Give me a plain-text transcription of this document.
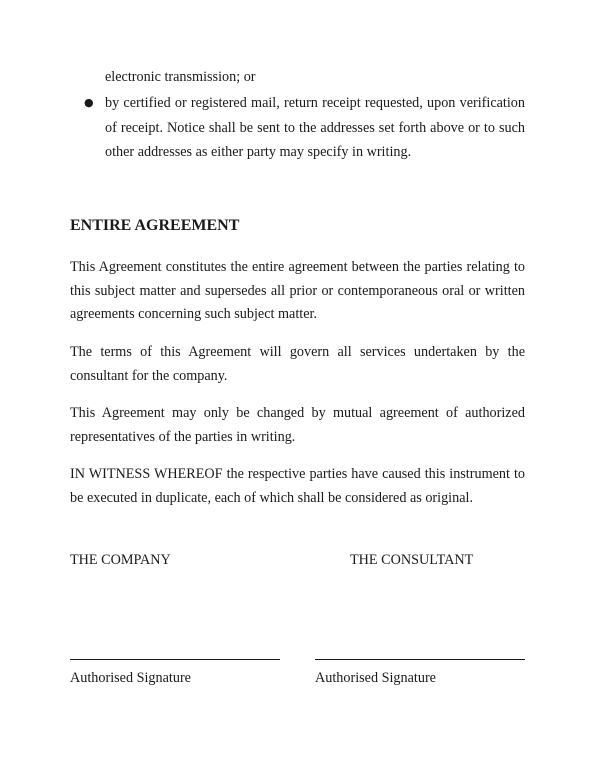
electronic transmission; or

● by certified or registered mail, return receipt requested, upon verification of receipt. Notice shall be sent to the addresses set forth above or to such other addresses as either party may specify in writing.

ENTIRE AGREEMENT

This Agreement constitutes the entire agreement between the parties relating to this subject matter and supersedes all prior or contemporaneous oral or written agreements concerning such subject matter.

The terms of this Agreement will govern all services undertaken by the consultant for the company.

This Agreement may only be changed by mutual agreement of authorized representatives of the parties in writing.

IN WITNESS WHEREOF the respective parties have caused this instrument to be executed in duplicate, each of which shall be considered as original.

THE COMPANY	THE CONSULTANT

Authorised Signature	Authorised Signature
